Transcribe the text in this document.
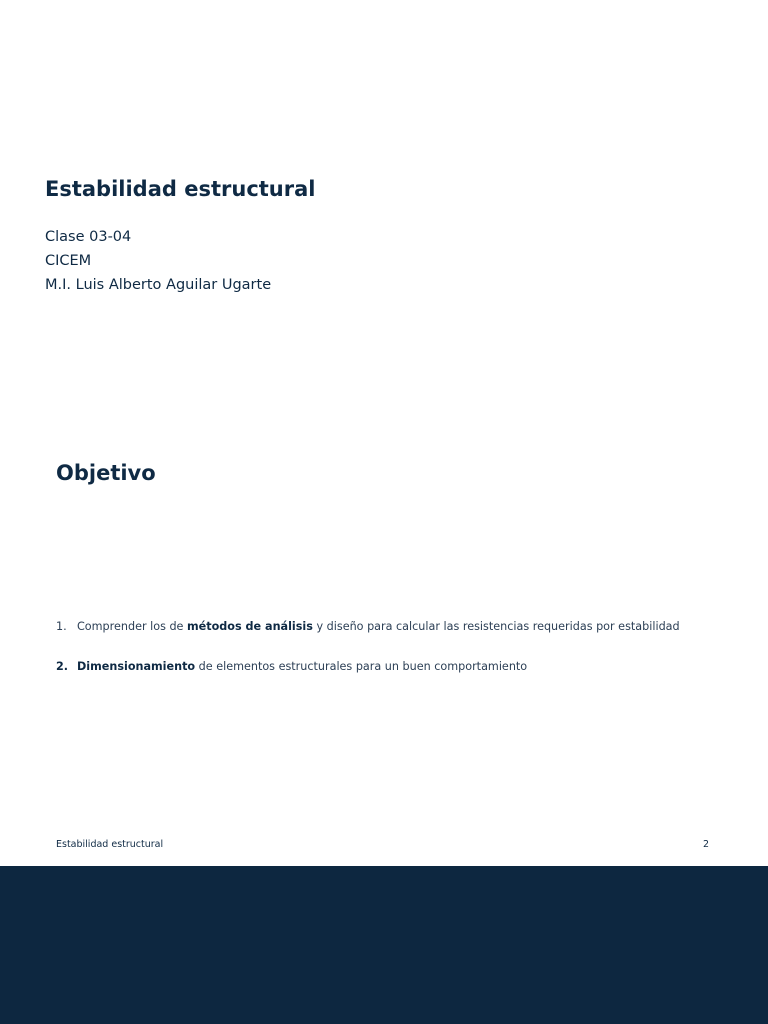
Estabilidad estructural
Clase 03-04
CICEM
M.I. Luis Alberto Aguilar Ugarte
Objetivo
1. Comprender los de métodos de análisis y diseño para calcular las resistencias requeridas por estabilidad
2. Dimensionamiento de elementos estructurales para un buen comportamiento
Estabilidad estructural	2
